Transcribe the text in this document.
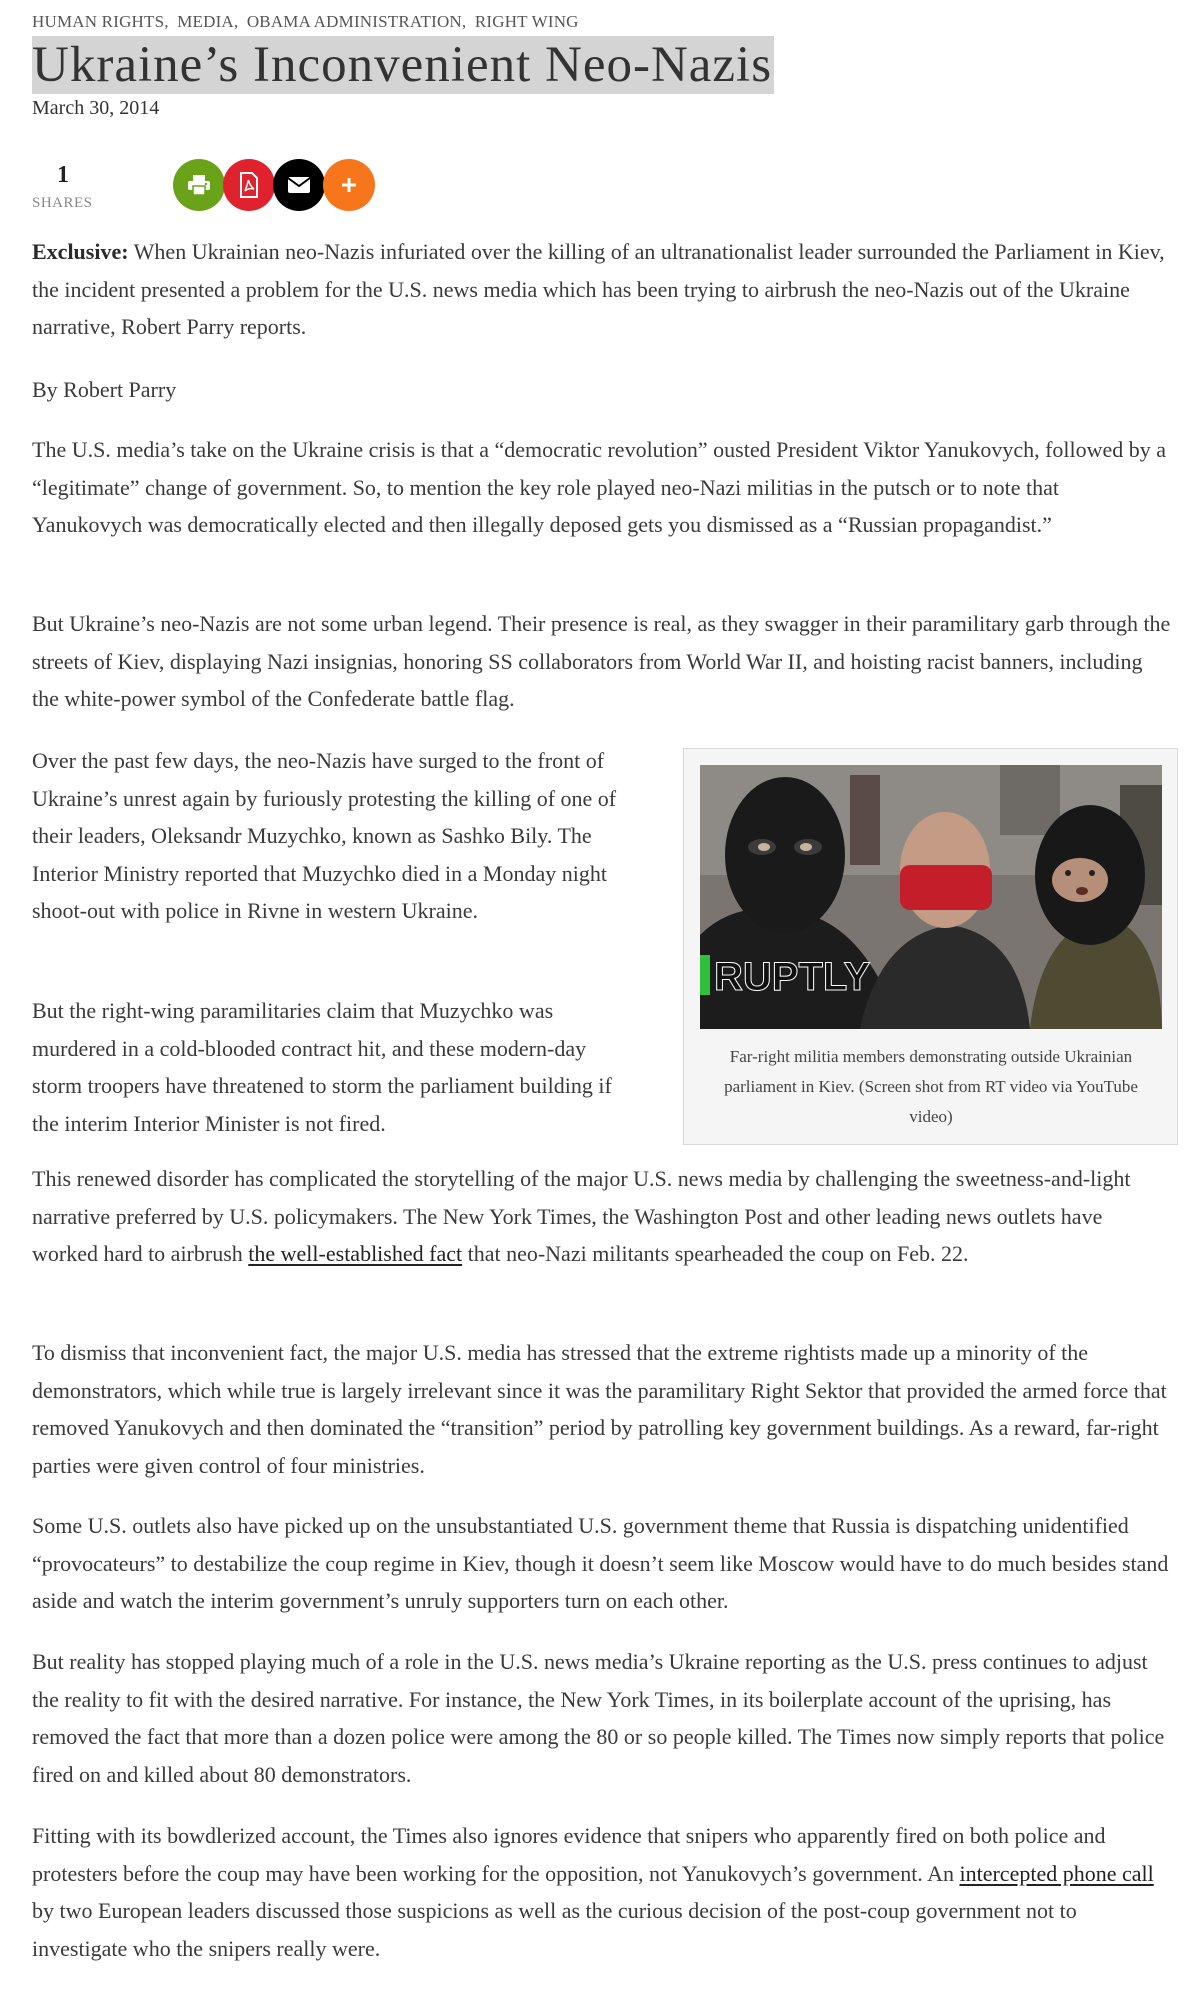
HUMAN RIGHTS, MEDIA, OBAMA ADMINISTRATION, RIGHT WING
Ukraine’s Inconvenient Neo-Nazis
March 30, 2014
1
SHARES

Exclusive: When Ukrainian neo-Nazis infuriated over the killing of an ultranationalist leader surrounded the Parliament in Kiev, the incident presented a problem for the U.S. news media which has been trying to airbrush the neo-Nazis out of the Ukraine narrative, Robert Parry reports.

By Robert Parry

The U.S. media’s take on the Ukraine crisis is that a “democratic revolution” ousted President Viktor Yanukovych, followed by a “legitimate” change of government. So, to mention the key role played neo-Nazi militias in the putsch or to note that Yanukovych was democratically elected and then illegally deposed gets you dismissed as a “Russian propagandist.”

But Ukraine’s neo-Nazis are not some urban legend. Their presence is real, as they swagger in their paramilitary garb through the streets of Kiev, displaying Nazi insignias, honoring SS collaborators from World War II, and hoisting racist banners, including the white-power symbol of the Confederate battle flag.

Over the past few days, the neo-Nazis have surged to the front of Ukraine’s unrest again by furiously protesting the killing of one of their leaders, Oleksandr Muzychko, known as Sashko Bily. The Interior Ministry reported that Muzychko died in a Monday night shoot-out with police in Rivne in western Ukraine.

But the right-wing paramilitaries claim that Muzychko was murdered in a cold-blooded contract hit, and these modern-day storm troopers have threatened to storm the parliament building if the interim Interior Minister is not fired.

This renewed disorder has complicated the storytelling of the major U.S. news media by challenging the sweetness-and-light narrative preferred by U.S. policymakers. The New York Times, the Washington Post and other leading news outlets have worked hard to airbrush the well-established fact that neo-Nazi militants spearheaded the coup on Feb. 22.

To dismiss that inconvenient fact, the major U.S. media has stressed that the extreme rightists made up a minority of the demonstrators, which while true is largely irrelevant since it was the paramilitary Right Sektor that provided the armed force that removed Yanukovych and then dominated the “transition” period by patrolling key government buildings. As a reward, far-right parties were given control of four ministries.

Some U.S. outlets also have picked up on the unsubstantiated U.S. government theme that Russia is dispatching unidentified “provocateurs” to destabilize the coup regime in Kiev, though it doesn’t seem like Moscow would have to do much besides stand aside and watch the interim government’s unruly supporters turn on each other.

But reality has stopped playing much of a role in the U.S. news media’s Ukraine reporting as the U.S. press continues to adjust the reality to fit with the desired narrative. For instance, the New York Times, in its boilerplate account of the uprising, has removed the fact that more than a dozen police were among the 80 or so people killed. The Times now simply reports that police fired on and killed about 80 demonstrators.

Fitting with its bowdlerized account, the Times also ignores evidence that snipers who apparently fired on both police and protesters before the coup may have been working for the opposition, not Yanukovych’s government. An intercepted phone call by two European leaders discussed those suspicions as well as the curious decision of the post-coup government not to investigate who the snipers really were.

RUPTLY
Far-right militia members demonstrating outside Ukrainian parliament in Kiev. (Screen shot from RT video via YouTube video)
